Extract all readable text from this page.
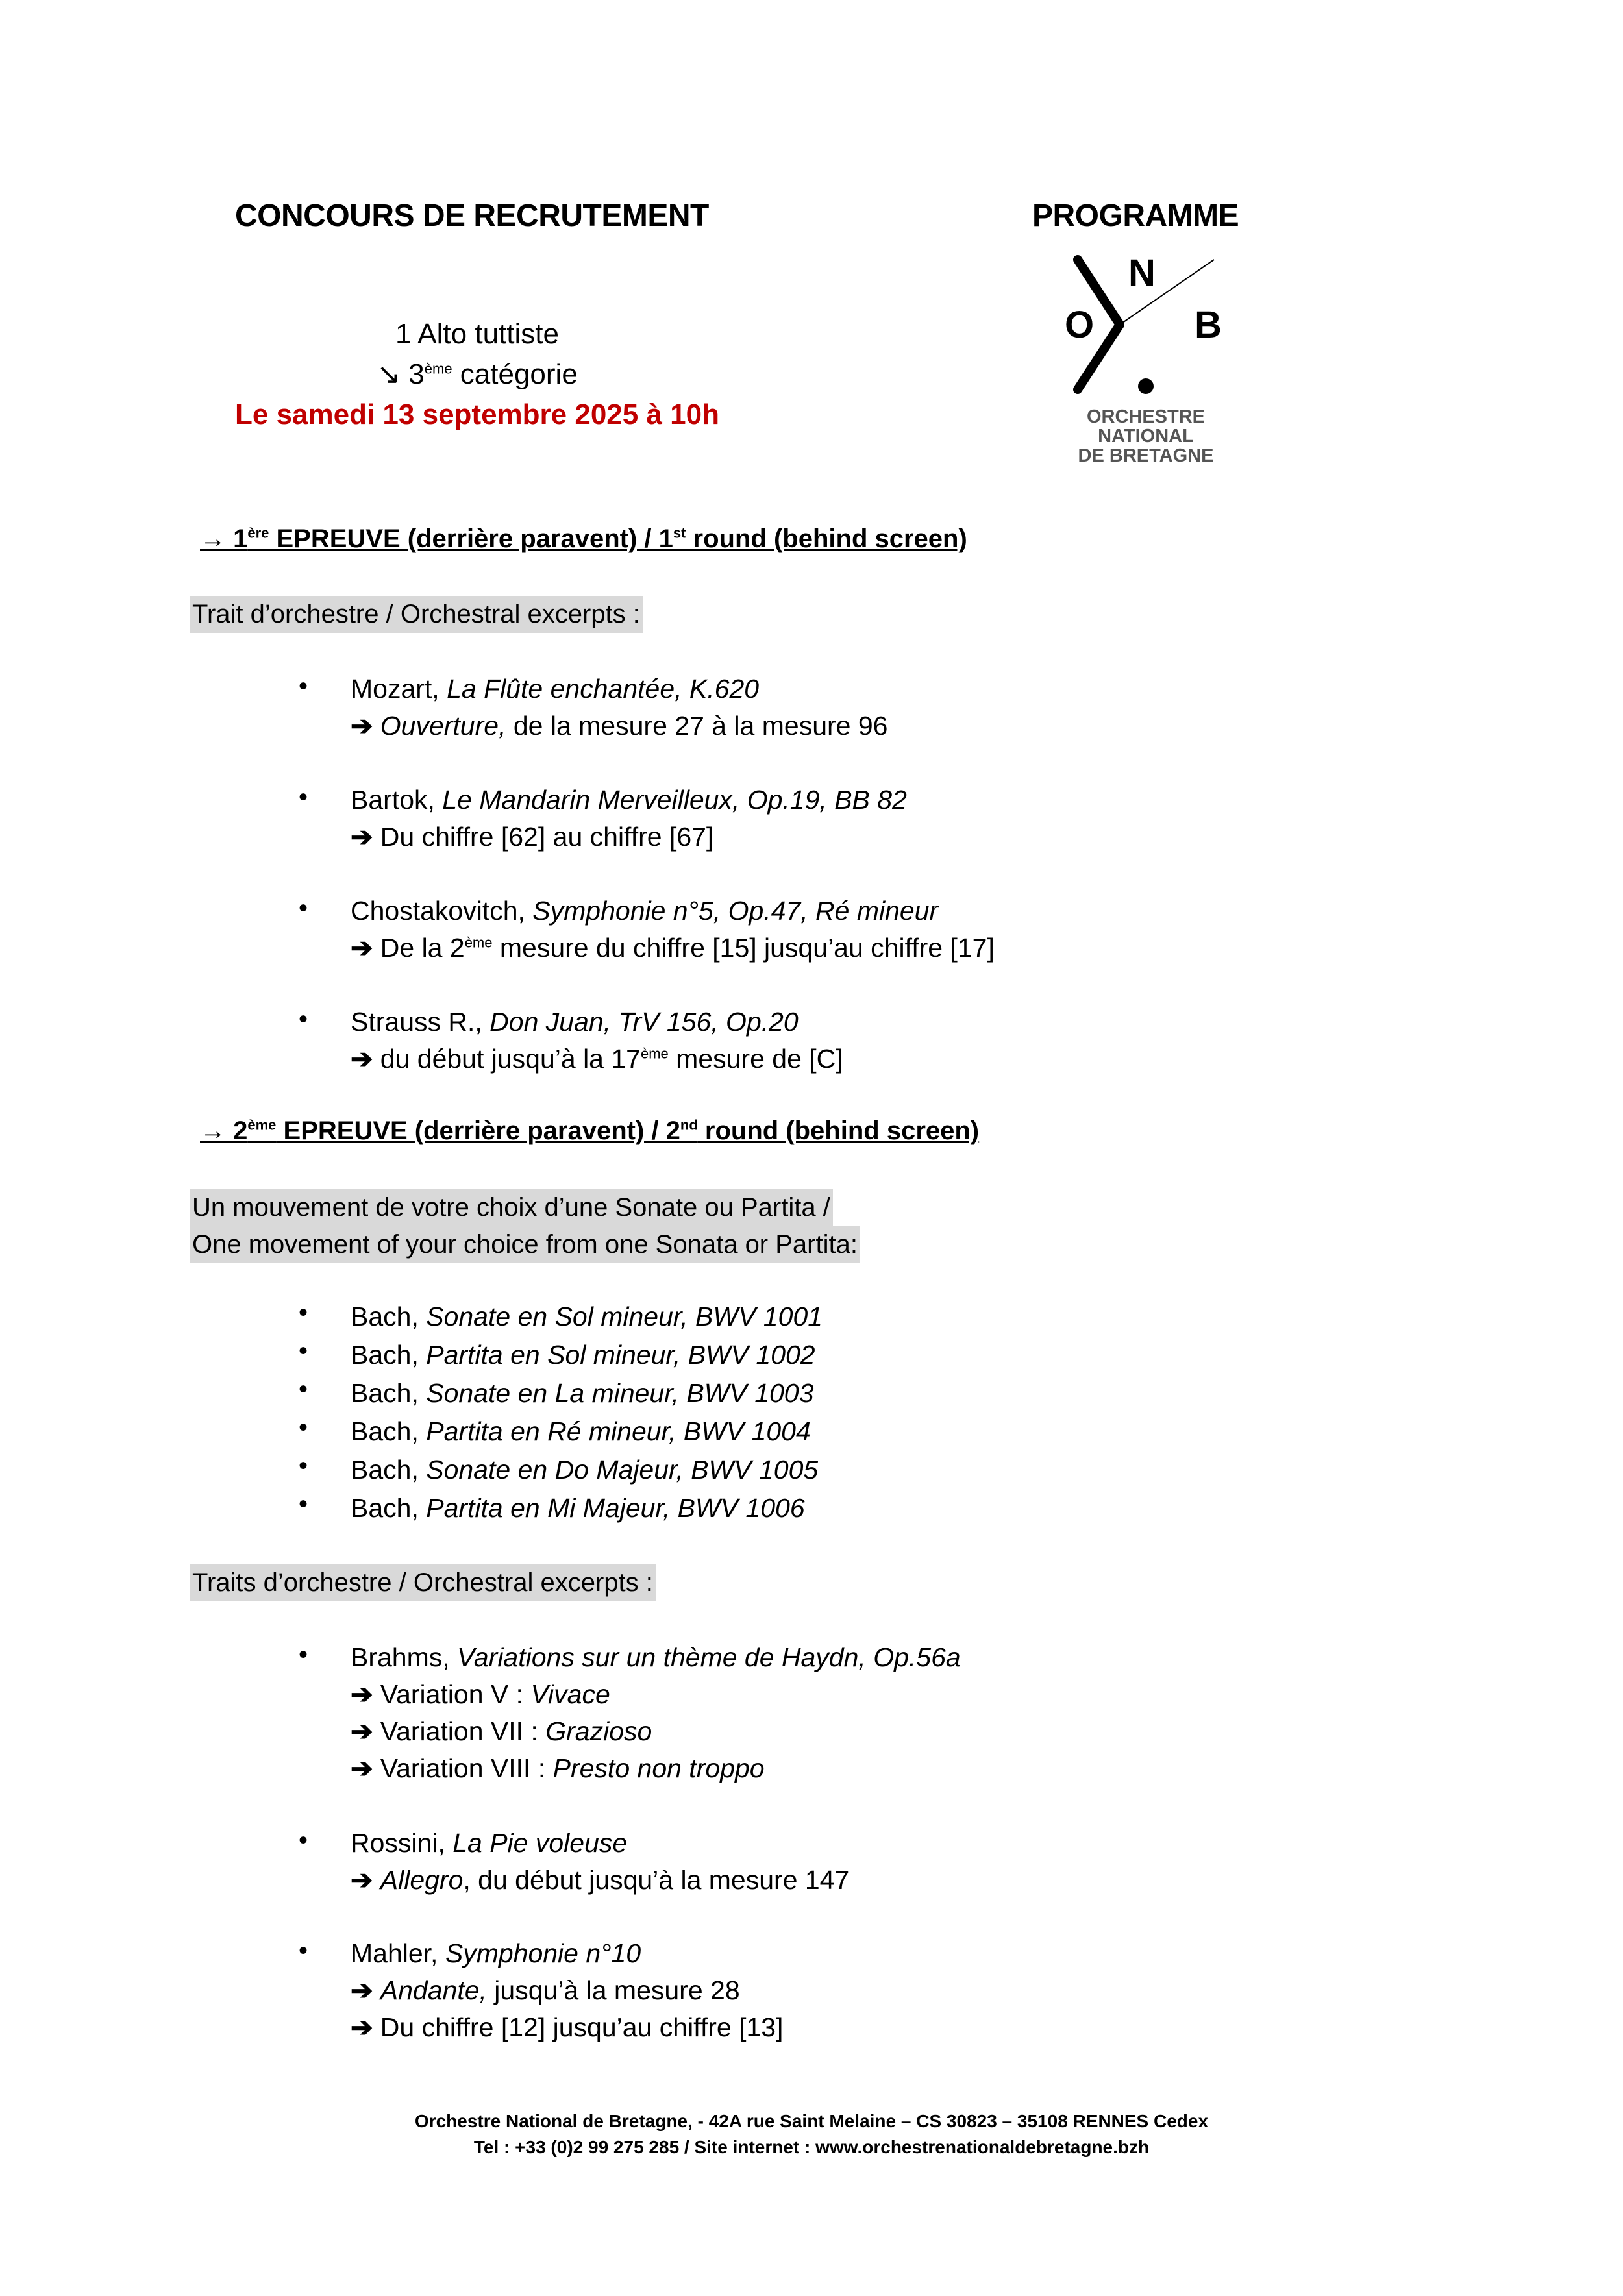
CONCOURS DE RECRUTEMENT	PROGRAMME
1 Alto tuttiste
↘ 3ème catégorie
Le samedi 13 septembre 2025 à 10h
O
N
B
ORCHESTRE
NATIONAL
DE BRETAGNE
→ 1ère EPREUVE (derrière paravent) / 1st round (behind screen)
Trait d’orchestre / Orchestral excerpts :
• Mozart, La Flûte enchantée, K.620
➔ Ouverture, de la mesure 27 à la mesure 96
• Bartok, Le Mandarin Merveilleux, Op.19, BB 82
➔ Du chiffre [62] au chiffre [67]
• Chostakovitch, Symphonie n°5, Op.47, Ré mineur
➔ De la 2ème mesure du chiffre [15] jusqu’au chiffre [17]
• Strauss R., Don Juan, TrV 156, Op.20
➔ du début jusqu’à la 17ème mesure de [C]
→ 2ème EPREUVE (derrière paravent) / 2nd round (behind screen)
Un mouvement de votre choix d’une Sonate ou Partita /
One movement of your choice from one Sonata or Partita:
• Bach, Sonate en Sol mineur, BWV 1001
• Bach, Partita en Sol mineur, BWV 1002
• Bach, Sonate en La mineur, BWV 1003
• Bach, Partita en Ré mineur, BWV 1004
• Bach, Sonate en Do Majeur, BWV 1005
• Bach, Partita en Mi Majeur, BWV 1006
Traits d’orchestre / Orchestral excerpts :
• Brahms, Variations sur un thème de Haydn, Op.56a
➔ Variation V : Vivace
➔ Variation VII : Grazioso
➔ Variation VIII : Presto non troppo
• Rossini, La Pie voleuse
➔ Allegro, du début jusqu’à la mesure 147
• Mahler, Symphonie n°10
➔ Andante, jusqu’à la mesure 28
➔ Du chiffre [12] jusqu’au chiffre [13]
Orchestre National de Bretagne, - 42A rue Saint Melaine – CS 30823 – 35108 RENNES Cedex
Tel : +33 (0)2 99 275 285 / Site internet : www.orchestrenationaldebretagne.bzh
